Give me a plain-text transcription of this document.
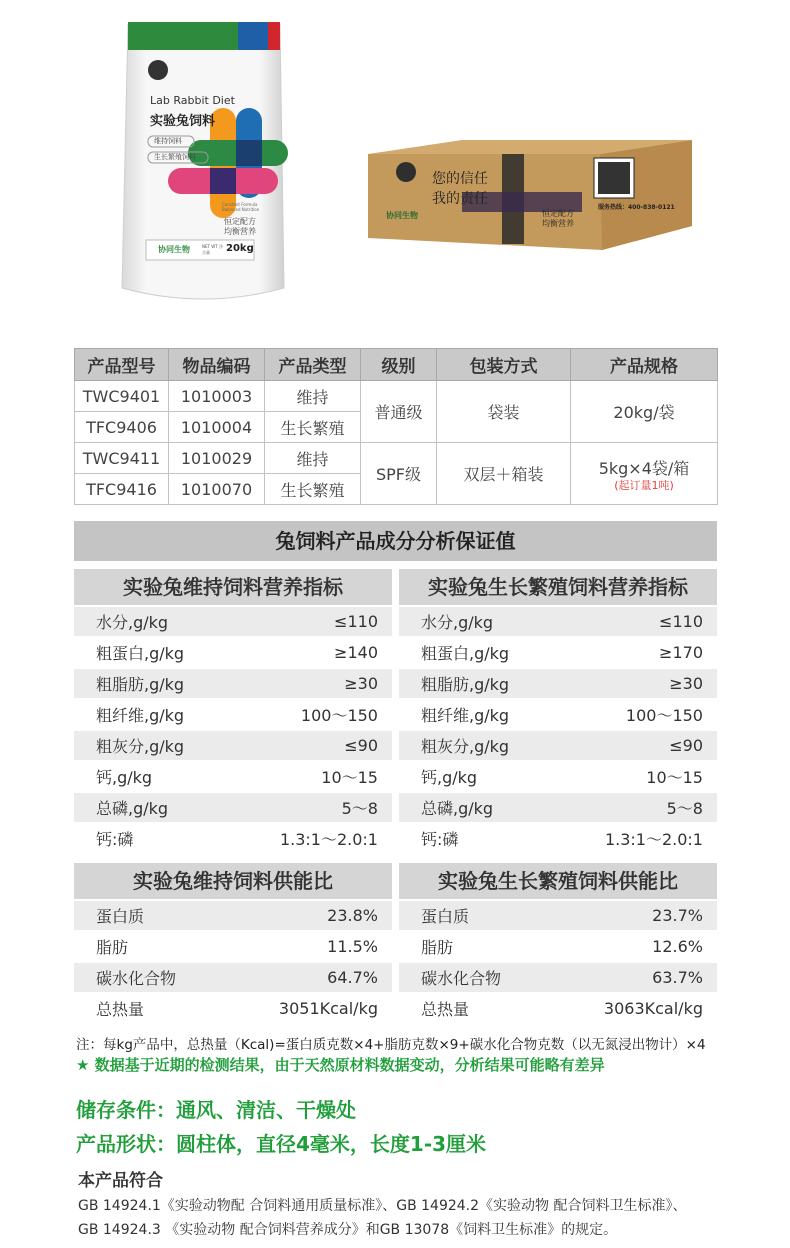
Lab Rabbit Diet
实验兔饲料
维持饲料
生长繁殖饲料
Constant Formula Balanced Nutrition
恒定配方
均衡营养
协同生物	NET WT 净含量	20kg
您的信任
我的责任
恒定配方
均衡营养
协同生物
服务热线：400-838-0121
产品型号	物品编码	产品类型	级别	包装方式	产品规格
TWC9401	1010003	维持	普通级	袋装	20kg/袋
TFC9406	1010004	生长繁殖			
TWC9411	1010029	维持	SPF级	双层＋箱装	5kg×4袋/箱
(起订量1吨)

TFC9416	1010070	生长繁殖			
兔饲料产品成分分析保证值
实验兔维持饲料营养指标
水分,g/kg	≤110
粗蛋白,g/kg	≥140
粗脂肪,g/kg	≥30
粗纤维,g/kg	100～150
粗灰分,g/kg	≤90
钙,g/kg	10～15
总磷,g/kg	5～8
钙:磷	1.3:1～2.0:1
实验兔生长繁殖饲料营养指标
水分,g/kg	≤110
粗蛋白,g/kg	≥170
粗脂肪,g/kg	≥30
粗纤维,g/kg	100～150
粗灰分,g/kg	≤90
钙,g/kg	10～15
总磷,g/kg	5～8
钙:磷	1.3:1～2.0:1
实验兔维持饲料供能比
蛋白质	23.8%
脂肪	11.5%
碳水化合物	64.7%
总热量	3051Kcal/kg
实验兔生长繁殖饲料供能比
蛋白质	23.7%
脂肪	12.6%
碳水化合物	63.7%
总热量	3063Kcal/kg
注：每kg产品中，总热量（Kcal)=蛋白质克数×4+脂肪克数×9+碳水化合物克数（以无氮浸出物计）×4
★ 数据基于近期的检测结果，由于天然原材料数据变动，分析结果可能略有差异
储存条件：通风、清洁、干燥处
产品形状：圆柱体，直径4毫米，长度1-3厘米
本产品符合
GB 14924.1《实验动物配 合饲料通用质量标准》、GB 14924.2《实验动物 配合饲料卫生标准》、
GB 14924.3 《实验动物 配合饲料营养成分》和GB 13078《饲料卫生标准》的规定。
